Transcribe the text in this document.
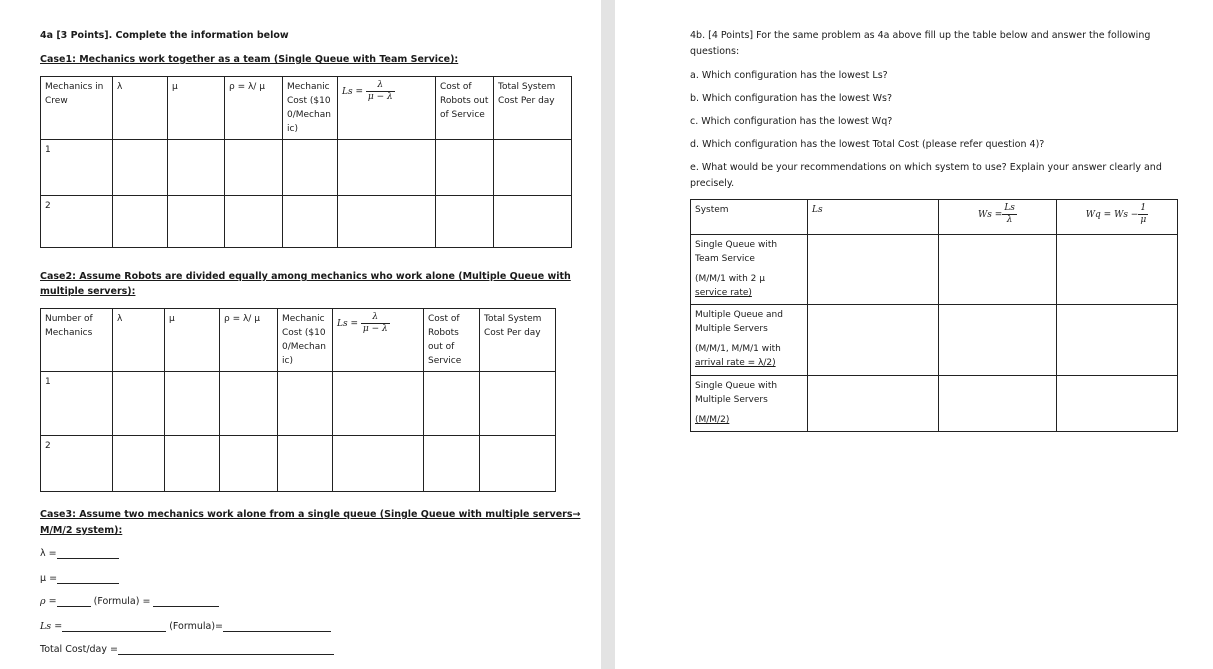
4a [3 Points]. Complete the information below
Case1: Mechanics work together as a team (Single Queue with Team Service):
Mechanics in Crew	λ	μ	ρ = λ/ μ	Mechanic Cost ($100/Mechanic)	$Ls = \frac{\lambda}{\mu - \lambda}$	Cost of Robots out of Service	Total System Cost Per day
1							
2							
Case2: Assume Robots are divided equally among mechanics who work alone (Multiple Queue with
multiple servers):
Number of Mechanics	λ	μ	ρ = λ/ μ	Mechanic Cost ($100/Mechanic)	$Ls = \frac{\lambda}{\mu - \lambda}$	Cost of Robots out of Service	Total System Cost Per day
1							
2							
Case3: Assume two mechanics work alone from a single queue (Single Queue with multiple servers→
M/M/2 system):
λ =
μ =
ρ =	(Formula) =
Ls =	(Formula)=
Total Cost/day =
4b. [4 Points] For the same problem as 4a above fill up the table below and answer the following
questions:
a. Which configuration has the lowest Ls?
b. Which configuration has the lowest Ws?
c. Which configuration has the lowest Wq?
d. Which configuration has the lowest Total Cost (please refer question 4)?
e. What would be your recommendations on which system to use? Explain your answer clearly and
precisely.
System	Ls	$Ws = \frac{Ls}{\lambda}$	$Wq = Ws - \frac{1}{\mu}$

Single Queue with
Team Service
(M/M/1 with 2 μ
service rate)			

Multiple Queue and
Multiple Servers
(M/M/1, M/M/1 with
arrival rate = λ/2)			

Single Queue with
Multiple Servers
(M/M/2)			
